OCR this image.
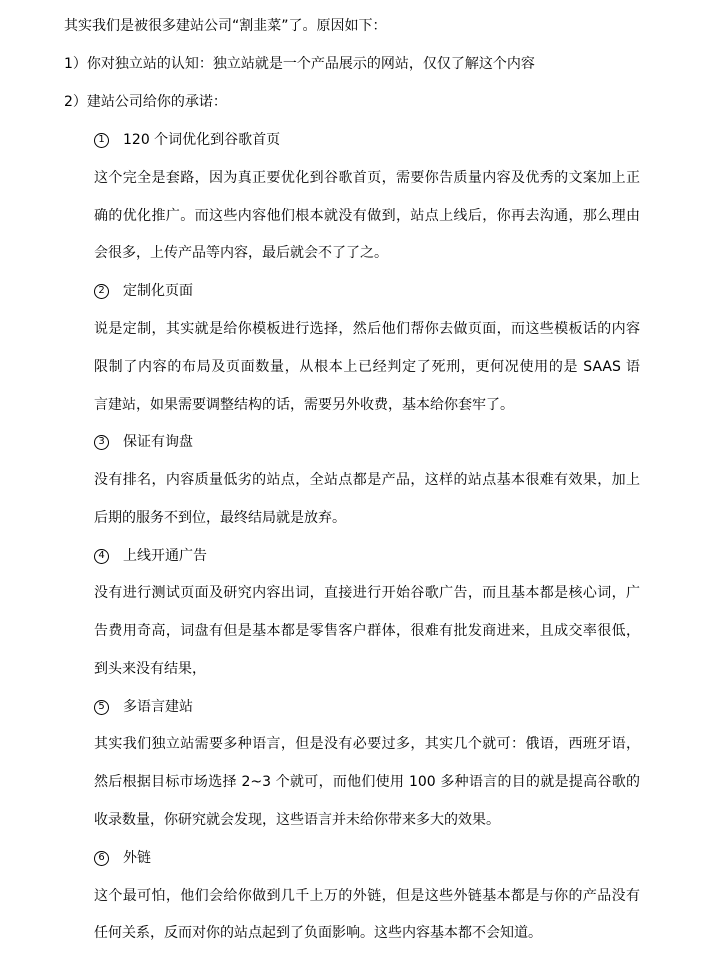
其实我们是被很多建站公司“割韭菜”了。原因如下：
1）你对独立站的认知：独立站就是一个产品展示的网站，仅仅了解这个内容
2）建站公司给你的承诺：
1	120 个词优化到谷歌首页
这个完全是套路，因为真正要优化到谷歌首页，需要你告质量内容及优秀的文案加上正
确的优化推广。而这些内容他们根本就没有做到，站点上线后，你再去沟通，那么理由
会很多，上传产品等内容，最后就会不了了之。
2	定制化页面
说是定制，其实就是给你模板进行选择，然后他们帮你去做页面，而这些模板话的内容
限制了内容的布局及页面数量，从根本上已经判定了死刑，更何况使用的是 SAAS 语
言建站，如果需要调整结构的话，需要另外收费，基本给你套牢了。
3	保证有询盘
没有排名，内容质量低劣的站点，全站点都是产品，这样的站点基本很难有效果，加上
后期的服务不到位，最终结局就是放弃。
4	上线开通广告
没有进行测试页面及研究内容出词，直接进行开始谷歌广告，而且基本都是核心词，广
告费用奇高，词盘有但是基本都是零售客户群体，很难有批发商进来，且成交率很低，
到头来没有结果，
5	多语言建站
其实我们独立站需要多种语言，但是没有必要过多，其实几个就可：俄语，西班牙语，
然后根据目标市场选择 2~3 个就可，而他们使用 100 多种语言的目的就是提高谷歌的
收录数量，你研究就会发现，这些语言并未给你带来多大的效果。
6	外链
这个最可怕，他们会给你做到几千上万的外链，但是这些外链基本都是与你的产品没有
任何关系，反而对你的站点起到了负面影响。这些内容基本都不会知道。
